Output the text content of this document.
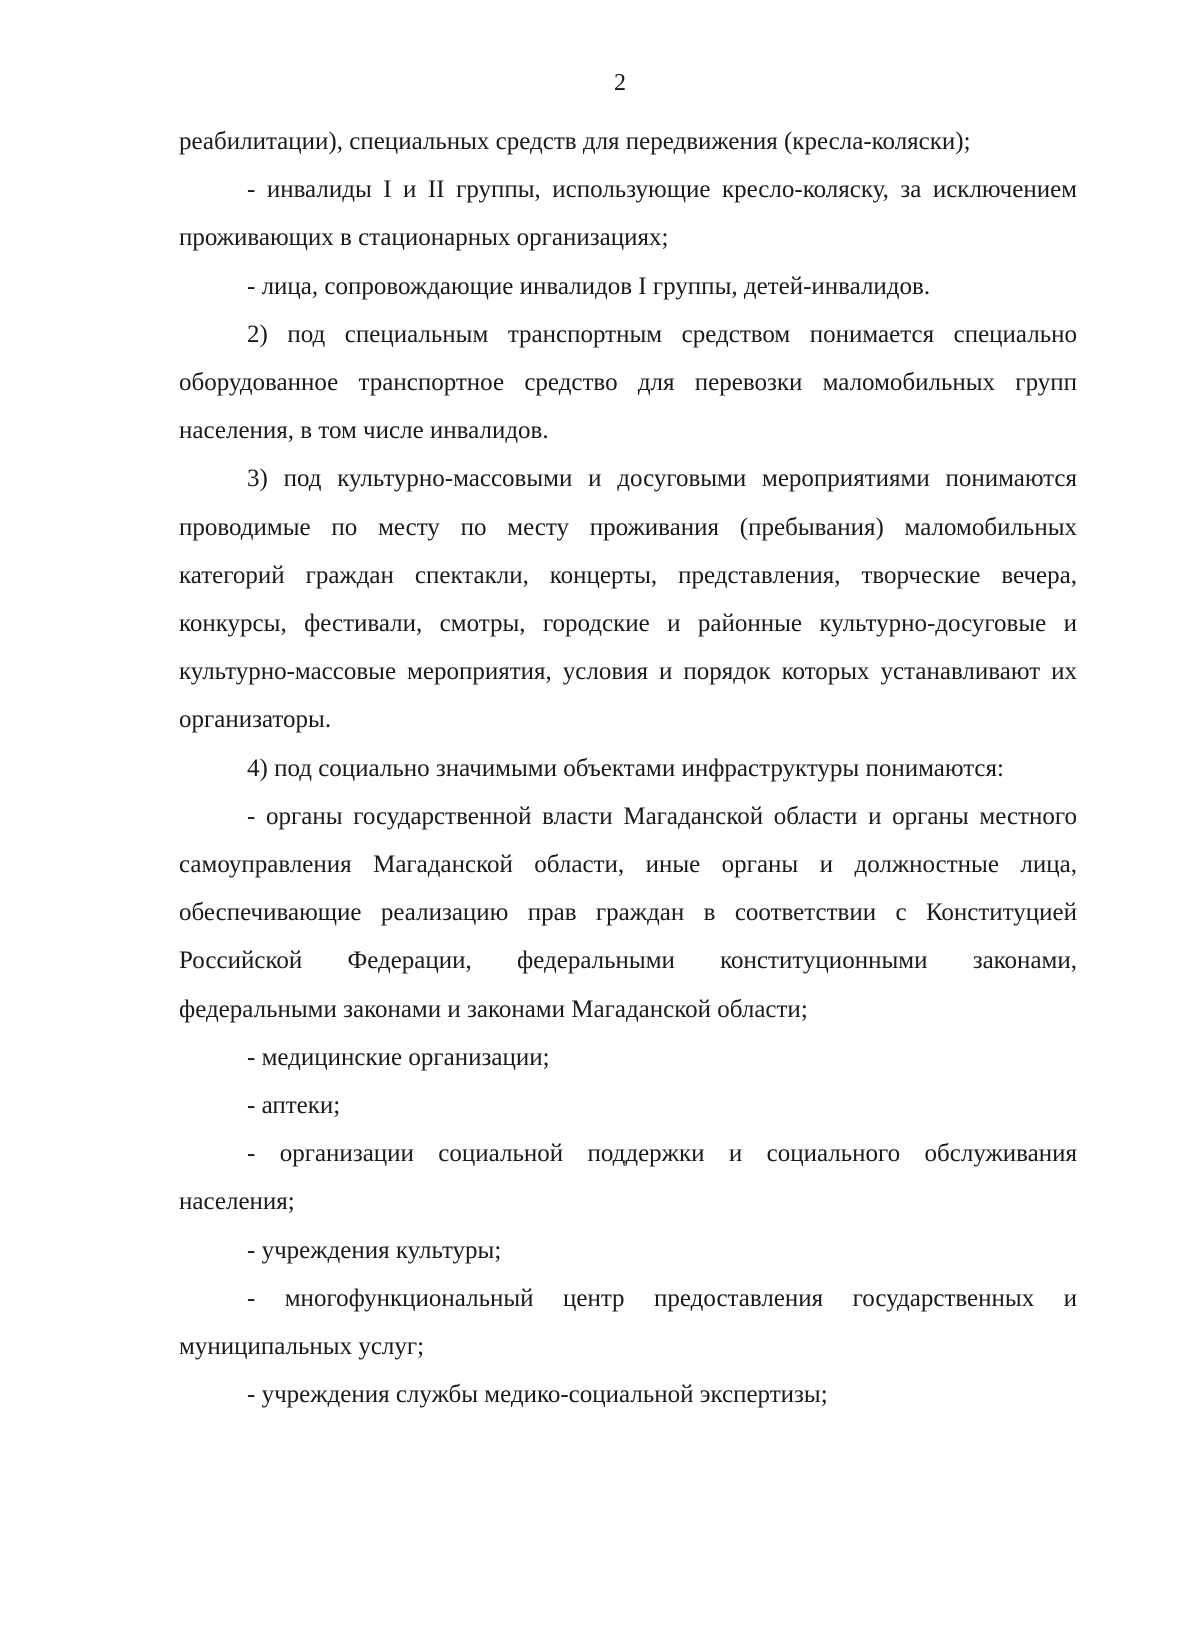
2

реабилитации), специальных средств для передвижения (кресла-коляски);

- инвалиды I и II группы, использующие кресло-коляску, за исключением проживающих в стационарных организациях;

- лица, сопровождающие инвалидов I группы, детей-инвалидов.

2) под специальным транспортным средством понимается специально оборудованное транспортное средство для перевозки маломобильных групп населения, в том числе инвалидов.

3) под культурно-массовыми и досуговыми мероприятиями понимаются проводимые по месту по месту проживания (пребывания) маломобильных категорий граждан спектакли, концерты, представления, творческие вечера, конкурсы, фестивали, смотры, городские и районные культурно-досуговые и культурно-массовые мероприятия, условия и порядок которых устанавливают их организаторы.

4) под социально значимыми объектами инфраструктуры понимаются:

- органы государственной власти Магаданской области и органы местного самоуправления Магаданской области, иные органы и должностные лица, обеспечивающие реализацию прав граждан в соответствии с Конституцией Российской Федерации, федеральными конституционными законами, федеральными законами и законами Магаданской области;

- медицинские организации;

- аптеки;

- организации социальной поддержки и социального обслуживания населения;

- учреждения культуры;

- многофункциональный центр предоставления государственных и муниципальных услуг;

- учреждения службы медико-социальной экспертизы;
